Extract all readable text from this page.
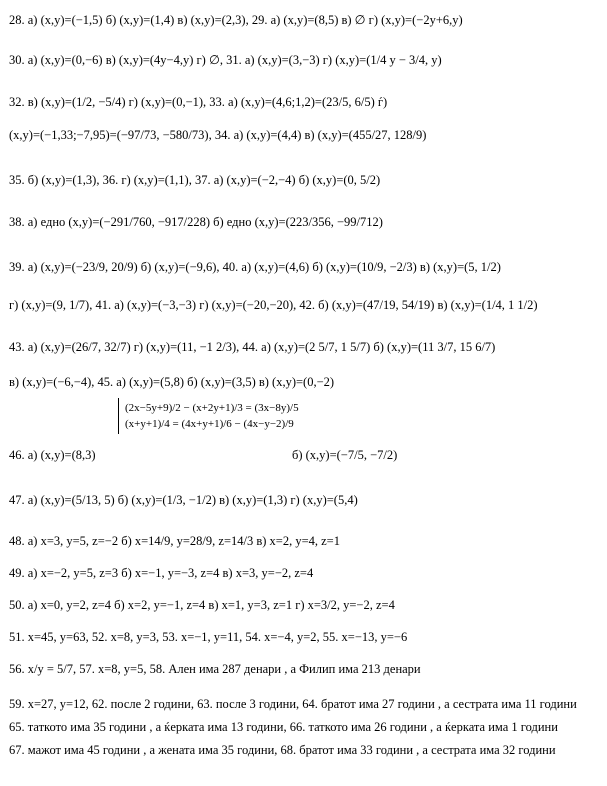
28. а) (x,y)=(−1,5) б) (x,y)=(1,4) в) (x,y)=(2,3), 29. а) (x,y)=(8,5) в) ∅ г) (x,y)=(−2y+6,y)
30. а) (x,y)=(0,−6) в) (x,y)=(4y−4,y) г) ∅, 31. а) (x,y)=(3,−3) г) (x,y)=(1/4 y − 3/4, y)
32. в) (x,y)=(1/2, −5/4) г) (x,y)=(0,−1), 33. а) (x,y)=(4,6;1,2)=(23/5, 6/5) ѓ)
(x,y)=(−1,33;−7,95)=(−97/73, −580/73), 34. а) (x,y)=(4,4) в) (x,y)=(455/27, 128/9)
35. б) (x,y)=(1,3), 36. г) (x,y)=(1,1), 37. а) (x,y)=(−2,−4) б) (x,y)=(0, 5/2)
38. а) едно (x,y)=(−291/760, −917/228) б) едно (x,y)=(223/356, −99/712)
39. а) (x,y)=(−23/9, 20/9) б) (x,y)=(−9,6), 40. а) (x,y)=(4,6) б) (x,y)=(10/9, −2/3) в) (x,y)=(5, 1/2)
г) (x,y)=(9, 1/7), 41. а) (x,y)=(−3,−3) г) (x,y)=(−20,−20), 42. б) (x,y)=(47/19, 54/19) в) (x,y)=(1/4, 1 1/2)
43. а) (x,y)=(26/7, 32/7) г) (x,y)=(11, −1 2/3), 44. а) (x,y)=(2 5/7, 1 5/7) б) (x,y)=(11 3/7, 15 6/7)
в) (x,y)=(−6,−4), 45. а) (x,y)=(5,8) б) (x,y)=(3,5) в) (x,y)=(0,−2)
46. а) (x,y)=(8,3)
47. а) (x,y)=(5/13, 5) б) (x,y)=(1/3, −1/2) в) (x,y)=(1,3) г) (x,y)=(5,4)
48. а) x=3, y=5, z=−2 б) x=14/9, y=28/9, z=14/3 в) x=2, y=4, z=1
49. а) x=−2, y=5, z=3 б) x=−1, y=−3, z=4 в) x=3, y=−2, z=4
50. а) x=0, y=2, z=4 б) x=2, y=−1, z=4 в) x=1, y=3, z=1 г) x=3/2, y=−2, z=4
51. x=45, y=63, 52. x=8, y=3, 53. x=−1, y=11, 54. x=−4, y=2, 55. x=−13, y=−6
56. x/y = 5/7, 57. x=8, y=5, 58. Ален има 287 денари , а Филип има 213 денари
59. x=27, y=12, 62. после 2 години, 63. после 3 години, 64. братот има 27 години , а сестрата има 11 години
65. таткото има 35 години , а ќерката има 13 години, 66. таткото има 26 години , а ќерката има 1 години
67. мажот има 45 години , а жената има 35 години, 68. братот има 33 години , а сестрата има 32 години
(2x−5y+9)/2 − (x+2y+1)/3 = (3x−8y)/5
(x+y+1)/4 = (4x+y+1)/6 − (4x−y−2)/9
б) (x,y)=(−7/5, −7/2)
